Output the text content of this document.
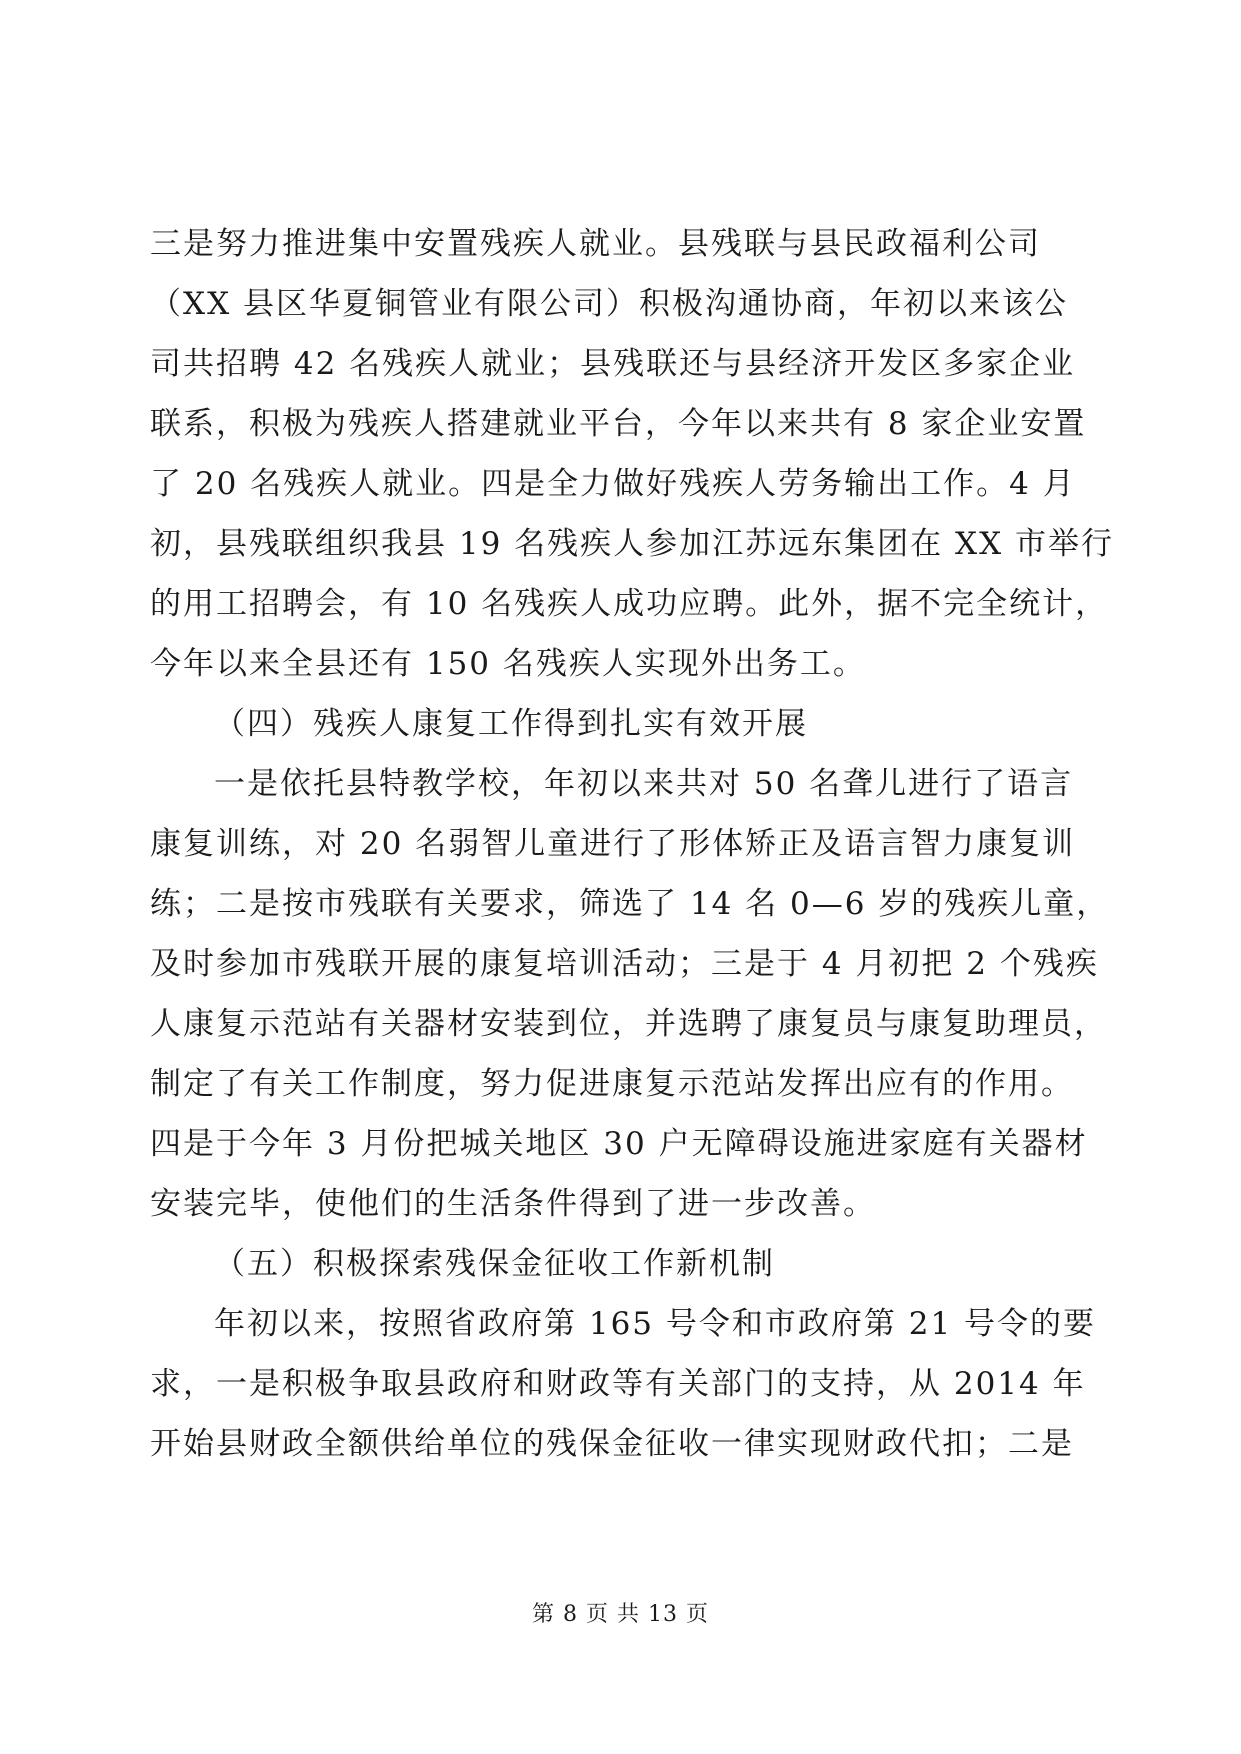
三是努力推进集中安置残疾人就业。县残联与县民政福利公司
（XX 县区华夏铜管业有限公司）积极沟通协商，年初以来该公
司共招聘 42 名残疾人就业；县残联还与县经济开发区多家企业
联系，积极为残疾人搭建就业平台，今年以来共有 8 家企业安置
了 20 名残疾人就业。四是全力做好残疾人劳务输出工作。4 月
初，县残联组织我县 19 名残疾人参加江苏远东集团在 XX 市举行
的用工招聘会，有 10 名残疾人成功应聘。此外，据不完全统计，
今年以来全县还有 150 名残疾人实现外出务工。
（四）残疾人康复工作得到扎实有效开展
一是依托县特教学校，年初以来共对 50 名聋儿进行了语言
康复训练，对 20 名弱智儿童进行了形体矫正及语言智力康复训
练；二是按市残联有关要求，筛选了 14 名 0—6 岁的残疾儿童，
及时参加市残联开展的康复培训活动；三是于 4 月初把 2 个残疾
人康复示范站有关器材安装到位，并选聘了康复员与康复助理员，
制定了有关工作制度，努力促进康复示范站发挥出应有的作用。
四是于今年 3 月份把城关地区 30 户无障碍设施进家庭有关器材
安装完毕，使他们的生活条件得到了进一步改善。
（五）积极探索残保金征收工作新机制
年初以来，按照省政府第 165 号令和市政府第 21 号令的要
求，一是积极争取县政府和财政等有关部门的支持，从 2014 年
开始县财政全额供给单位的残保金征收一律实现财政代扣；二是
第 8 页 共 13 页
